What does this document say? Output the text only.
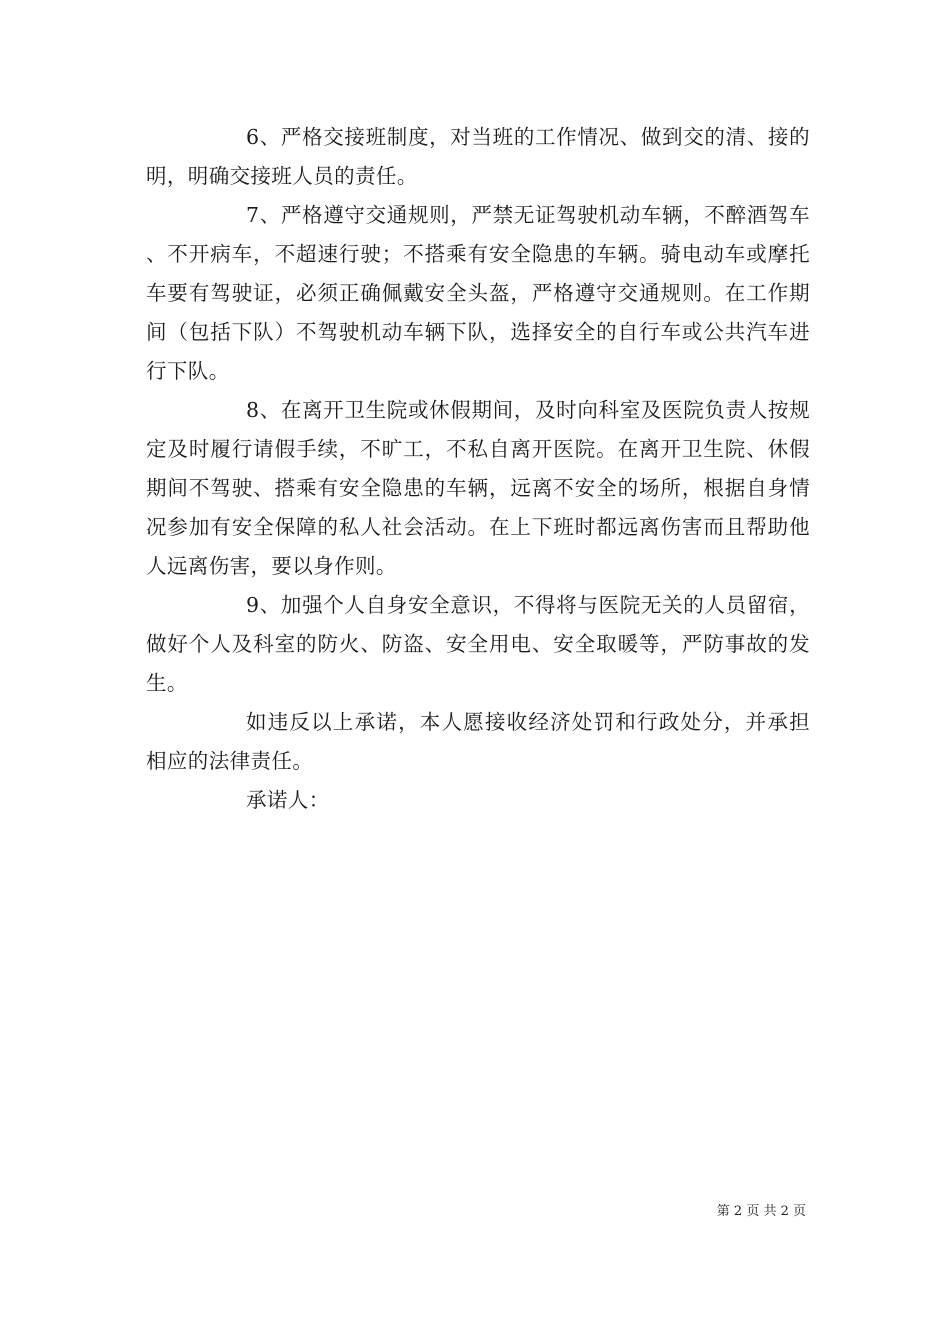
6、严格交接班制度，对当班的工作情况、做到交的清、接的明，明确交接班人员的责任。

7、严格遵守交通规则，严禁无证驾驶机动车辆，不醉酒驾车、不开病车，不超速行驶；不搭乘有安全隐患的车辆。骑电动车或摩托车要有驾驶证，必须正确佩戴安全头盔，严格遵守交通规则。在工作期间（包括下队）不驾驶机动车辆下队，选择安全的自行车或公共汽车进行下队。

8、在离开卫生院或休假期间，及时向科室及医院负责人按规定及时履行请假手续，不旷工，不私自离开医院。在离开卫生院、休假期间不驾驶、搭乘有安全隐患的车辆，远离不安全的场所，根据自身情况参加有安全保障的私人社会活动。在上下班时都远离伤害而且帮助他人远离伤害，要以身作则。

9、加强个人自身安全意识，不得将与医院无关的人员留宿，做好个人及科室的防火、防盗、安全用电、安全取暖等，严防事故的发生。

如违反以上承诺，本人愿接收经济处罚和行政处分，并承担相应的法律责任。

承诺人：

第 2 页 共 2 页
